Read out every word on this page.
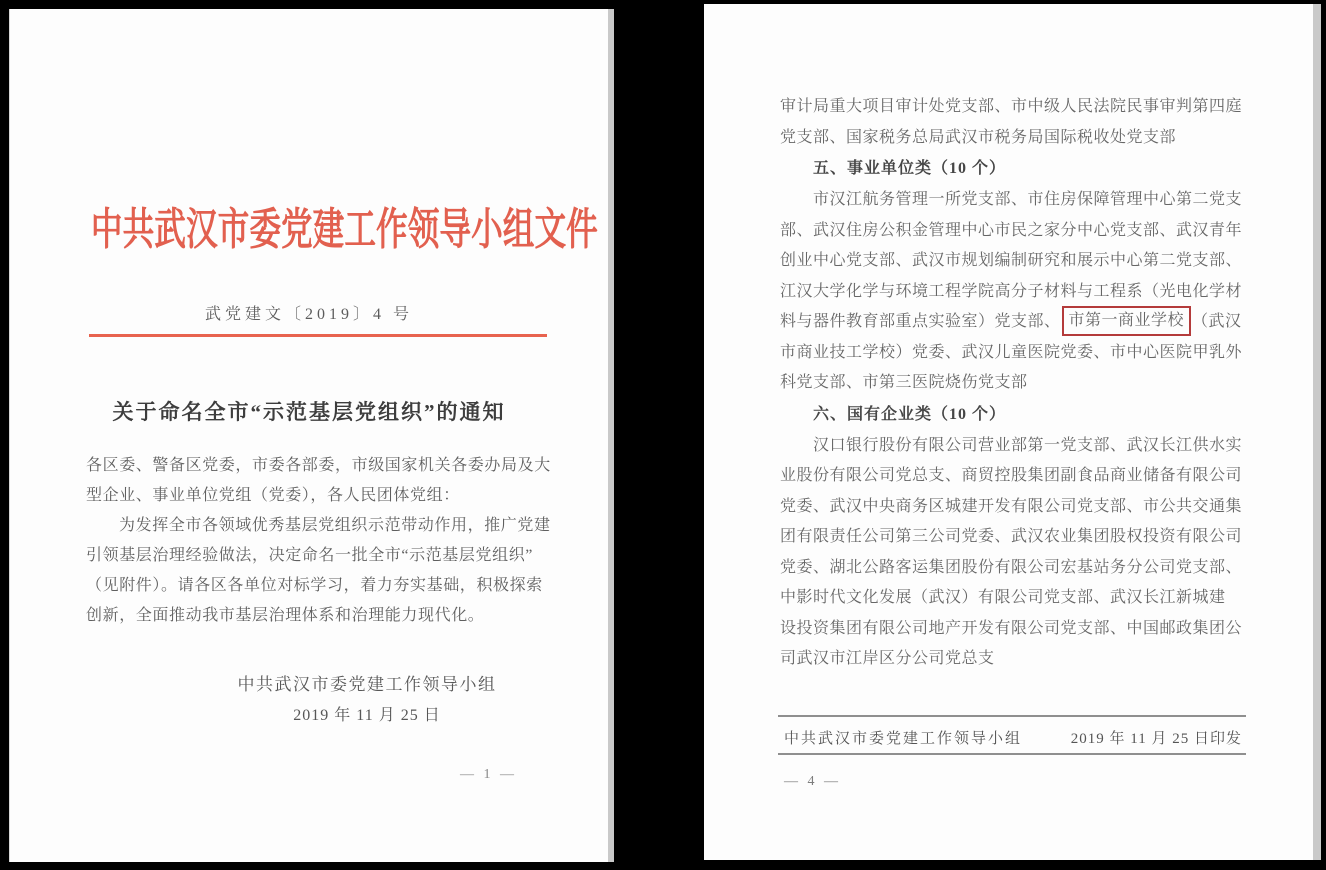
中共武汉市委党建工作领导小组文件
武党建文〔2019〕4 号
关于命名全市“示范基层党组织”的通知
各区委、警备区党委，市委各部委，市级国家机关各委办局及大
型企业、事业单位党组（党委），各人民团体党组：
为发挥全市各领域优秀基层党组织示范带动作用，推广党建
引领基层治理经验做法，决定命名一批全市“示范基层党组织”
（见附件）。请各区各单位对标学习，着力夯实基础，积极探索
创新，全面推动我市基层治理体系和治理能力现代化。
中共武汉市委党建工作领导小组
2019 年 11 月 25 日
— 1 —
审计局重大项目审计处党支部、市中级人民法院民事审判第四庭
党支部、国家税务总局武汉市税务局国际税收处党支部
五、事业单位类（10 个）
市汉江航务管理一所党支部、市住房保障管理中心第二党支
部、武汉住房公积金管理中心市民之家分中心党支部、武汉青年
创业中心党支部、武汉市规划编制研究和展示中心第二党支部、
江汉大学化学与环境工程学院高分子材料与工程系（光电化学材
料与器件教育部重点实验室）党支部、 市第一商业学校 （武汉
市商业技工学校）党委、武汉儿童医院党委、市中心医院甲乳外
科党支部、市第三医院烧伤党支部
六、国有企业类（10 个）
汉口银行股份有限公司营业部第一党支部、武汉长江供水实
业股份有限公司党总支、商贸控股集团副食品商业储备有限公司
党委、武汉中央商务区城建开发有限公司党支部、市公共交通集
团有限责任公司第三公司党委、武汉农业集团股权投资有限公司
党委、湖北公路客运集团股份有限公司宏基站务分公司党支部、
中影时代文化发展（武汉）有限公司党支部、武汉长江新城建
设投资集团有限公司地产开发有限公司党支部、中国邮政集团公
司武汉市江岸区分公司党总支
中共武汉市委党建工作领导小组	2019 年 11 月 25 日印发
— 4 —
